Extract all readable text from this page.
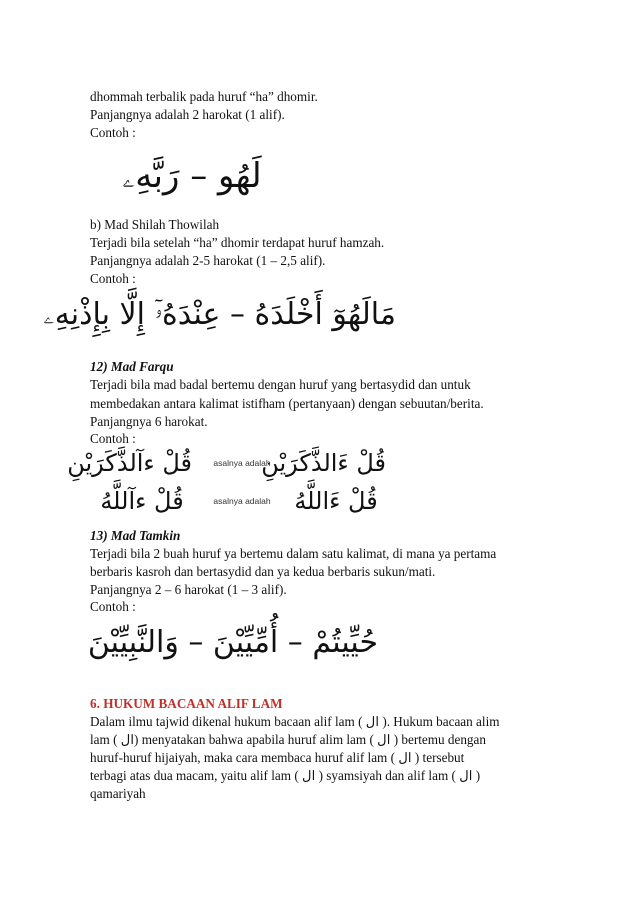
dhommah terbalik pada huruf “ha” dhomir.
Panjangnya adalah 2 harokat (1 alif).
Contoh :
لَهُو – رَبَّهِۦ
b) Mad Shilah Thowilah
Terjadi bila setelah “ha” dhomir terdapat huruf hamzah.
Panjangnya adalah 2-5 harokat (1 – 2,5 alif).
Contoh :
مَالَهُوٓ أَخْلَدَهُ – عِنْدَهُۥٓ إِلَّا بِإِذْنِهِۦ
12) Mad Farqu
Terjadi bila mad badal bertemu dengan huruf yang bertasydid dan untuk
membedakan antara kalimat istifham (pertanyaan) dengan sebuutan/berita.
Panjangnya 6 harokat.
Contoh :
قُلْ ءَالذَّكَرَيْنِ
asalnya adalah
قُلْ ءآلذَّكَرَيْنِ
قُلْ ءَاللَّهُ
asalnya adalah
قُلْ ءآللَّهُ
13) Mad Tamkin
Terjadi bila 2 buah huruf ya bertemu dalam satu kalimat, di mana ya pertama
berbaris kasroh dan bertasydid dan ya kedua berbaris sukun/mati.
Panjangnya 2 – 6 harokat (1 – 3 alif).
Contoh :
حُيِّيتُمْ – أُمِّيِّيْنَ – وَالنَّبِيِّيْنَ
6. HUKUM BACAAN ALIF LAM
Dalam ilmu tajwid dikenal hukum bacaan alif lam ( ال ). Hukum bacaan alim
lam ( ال) menyatakan bahwa apabila huruf alim lam ( ال ) bertemu dengan
huruf-huruf hijaiyah, maka cara membaca huruf alif lam ( ال ) tersebut
terbagi atas dua macam, yaitu alif lam ( ال ) syamsiyah dan alif lam ( ال )
qamariyah
